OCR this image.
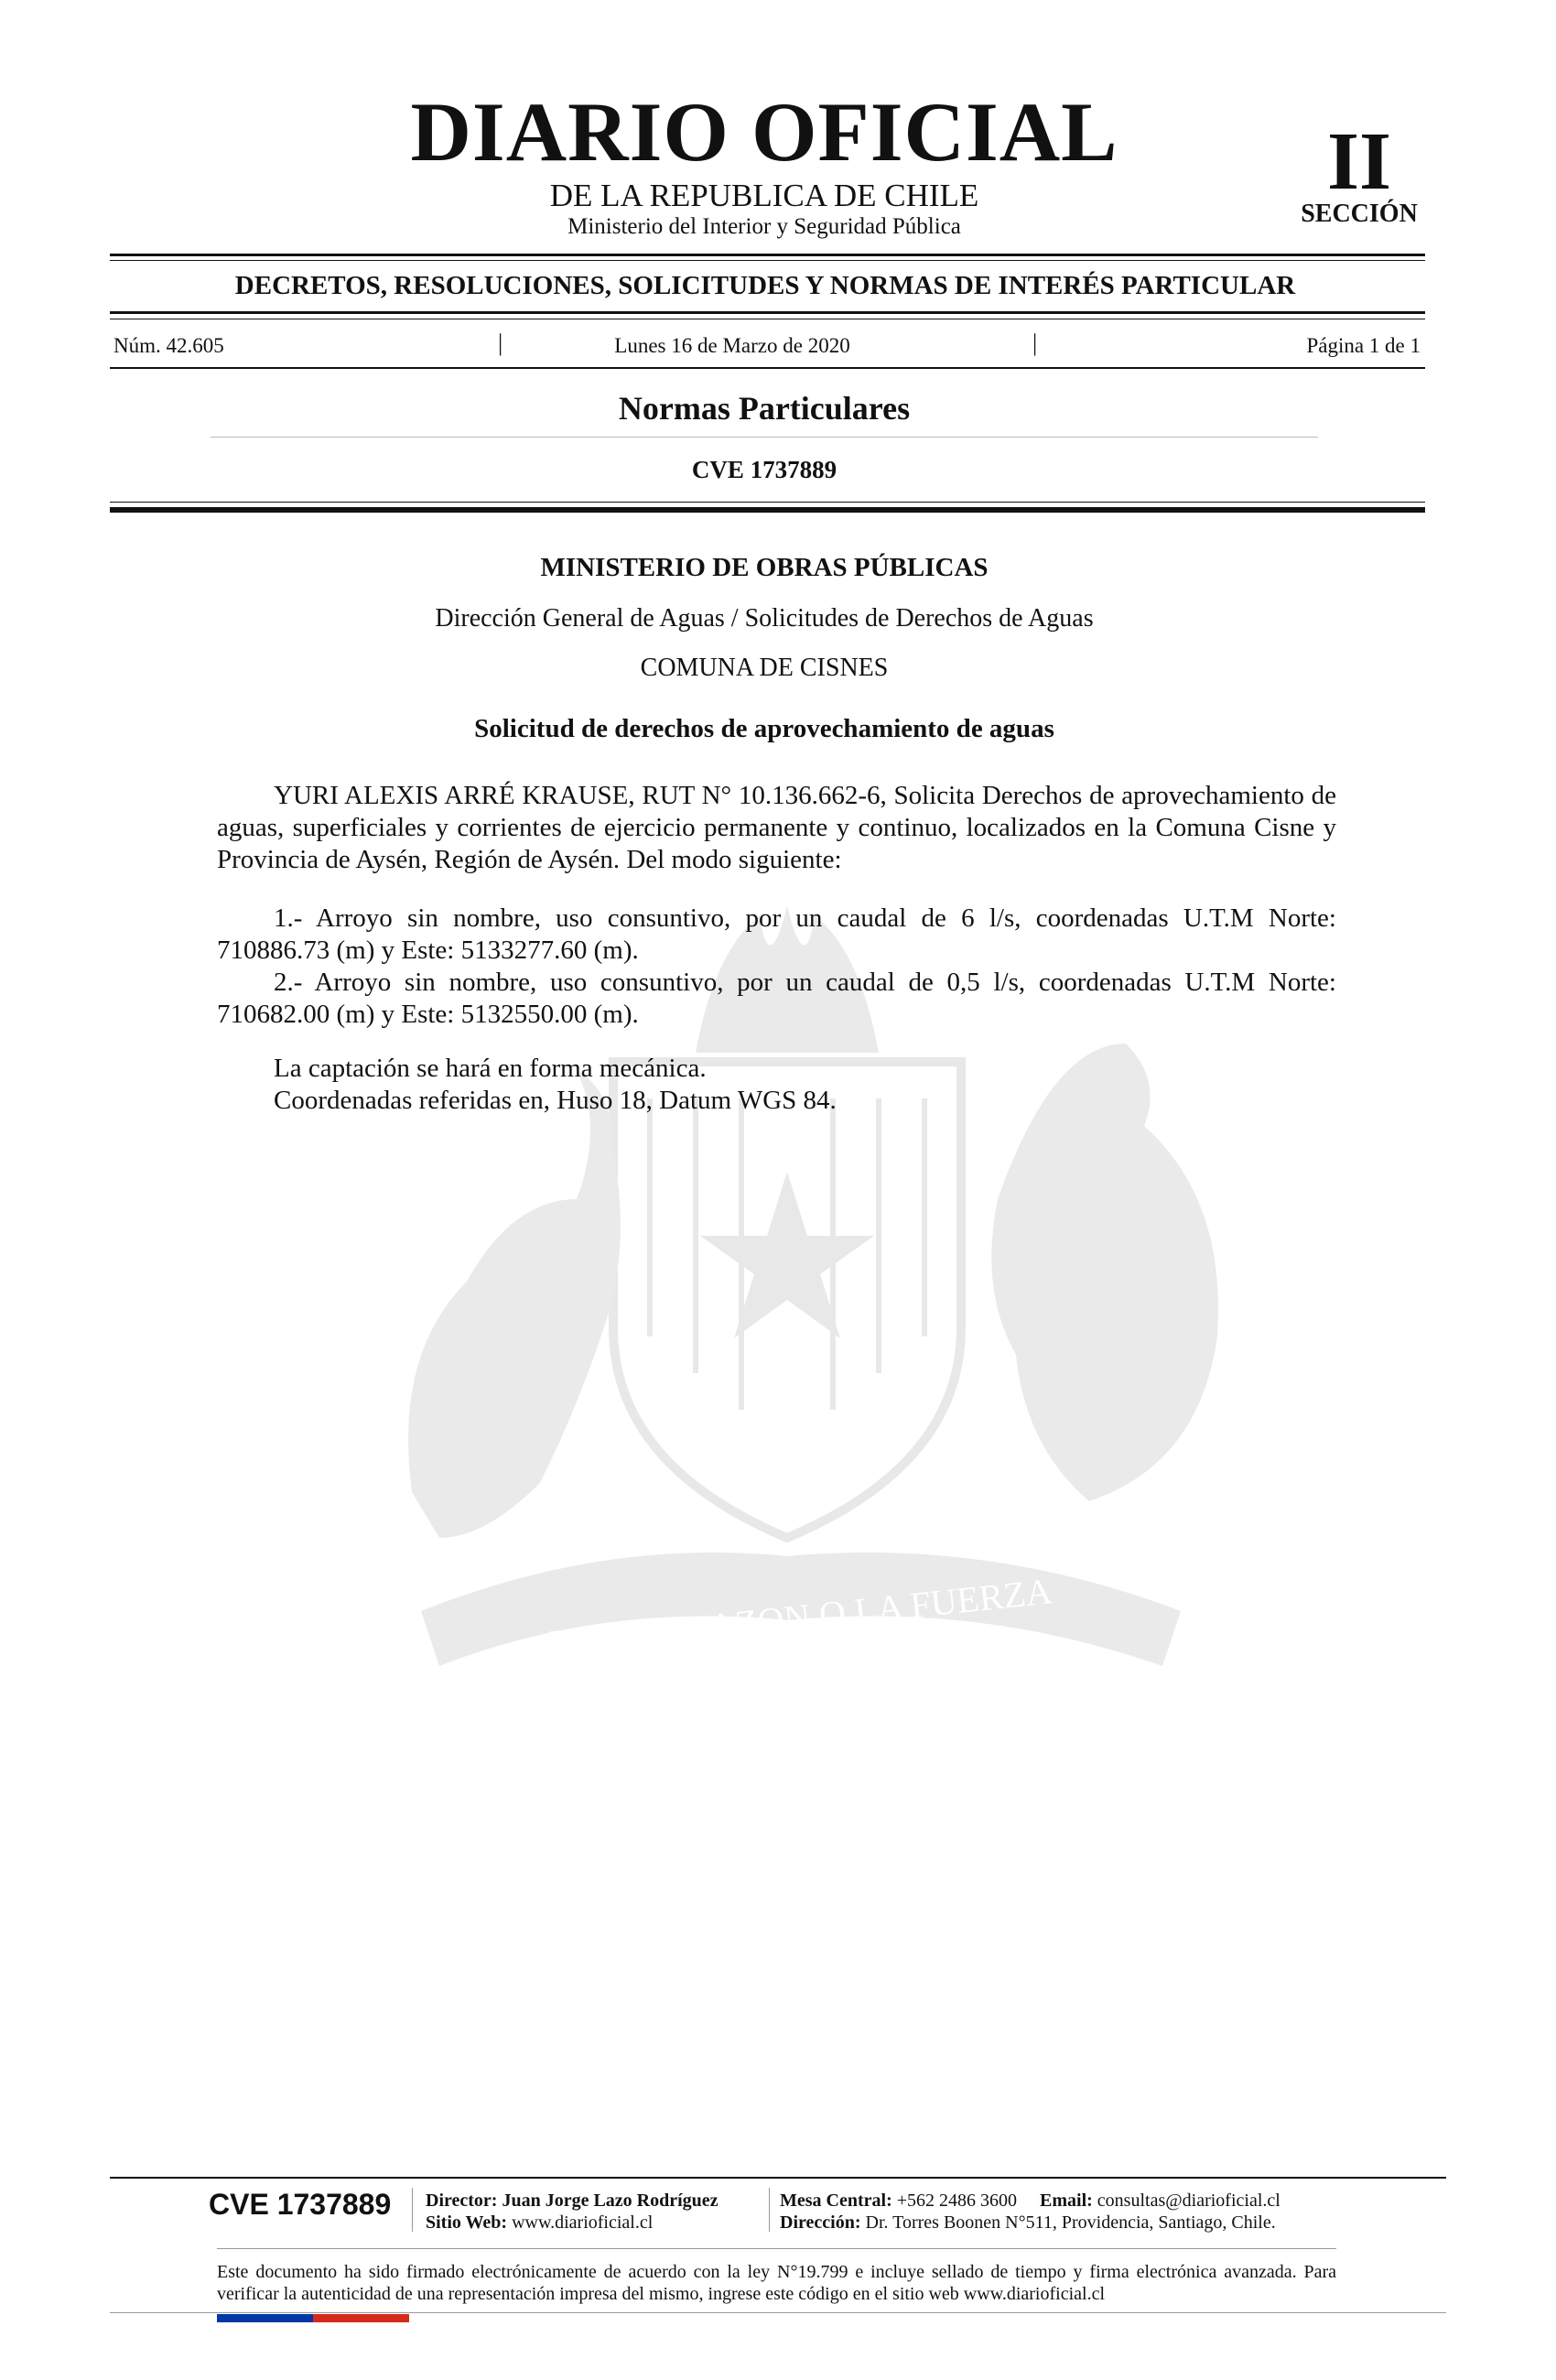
POR LA RAZON O LA FUERZA
DIARIO OFICIAL
DE LA REPUBLICA DE CHILE
Ministerio del Interior y Seguridad Pública
II
SECCIÓN
DECRETOS, RESOLUCIONES, SOLICITUDES Y NORMAS DE INTERÉS PARTICULAR
Núm. 42.605	|	Lunes 16 de Marzo de 2020	|	Página 1 de 1
Normas Particulares
CVE 1737889
MINISTERIO DE OBRAS PÚBLICAS
Dirección General de Aguas / Solicitudes de Derechos de Aguas
COMUNA DE CISNES
Solicitud de derechos de aprovechamiento de aguas

YURI ALEXIS ARRÉ KRAUSE, RUT N° 10.136.662-6, Solicita Derechos de aprovechamiento de aguas, superficiales y corrientes de ejercicio permanente y continuo, localizados en la Comuna Cisne y Provincia de Aysén, Región de Aysén. Del modo siguiente:

1.- Arroyo sin nombre, uso consuntivo, por un caudal de 6 l/s, coordenadas U.T.M Norte: 710886.73 (m) y Este: 5133277.60 (m).

2.- Arroyo sin nombre, uso consuntivo, por un caudal de 0,5 l/s, coordenadas U.T.M Norte: 710682.00 (m) y Este: 5132550.00 (m).

La captación se hará en forma mecánica.

Coordenadas referidas en, Huso 18, Datum WGS 84.

CVE 1737889 Director: Juan Jorge Lazo Rodríguez
Sitio Web: www.diarioficial.cl
Mesa Central: +562 2486 3600 Email: consultas@diarioficial.cl
Dirección: Dr. Torres Boonen N°511, Providencia, Santiago, Chile.
Este documento ha sido firmado electrónicamente de acuerdo con la ley N°19.799 e incluye sellado de tiempo y firma electrónica avanzada. Para verificar la autenticidad de una representación impresa del mismo, ingrese este código en el sitio web www.diarioficial.cl
